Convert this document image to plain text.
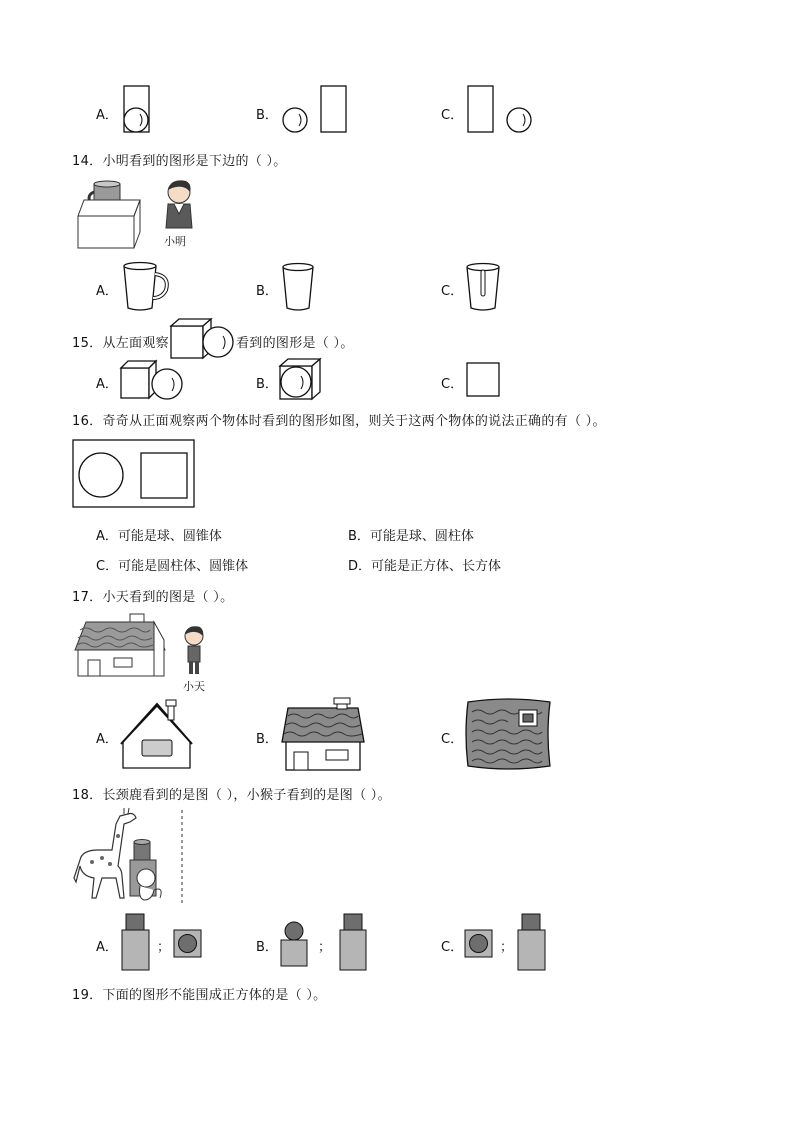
A．	B．	C．
14．小明看到的图形是下边的（ ）。
小明
A．	B．	C．
15．从左面观察	看到的图形是（ ）。
A．	B．	C．
16．奇奇从正面观察两个物体时看到的图形如图，则关于这两个物体的说法正确的有（ ）。
A．可能是球、圆锥体	B．可能是球、圆柱体
C．可能是圆柱体、圆锥体	D．可能是正方体、长方体
17．小天看到的图是（ ）。
小天
A．	B．	C．
18．长颈鹿看到的是图（ ），小猴子看到的是图（ ）。
A．	；	B．	；	C．	；
19．下面的图形不能围成正方体的是（ ）。
